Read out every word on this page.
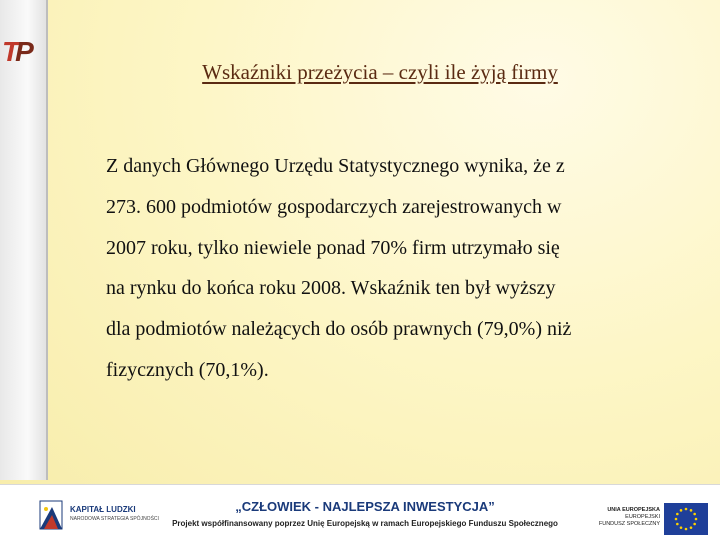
TP
Wskaźniki przeżycia – czyli ile żyją firmy
Z danych Głównego Urzędu Statystycznego wynika, że z
273. 600 podmiotów gospodarczych zarejestrowanych w
2007 roku, tylko niewiele ponad 70% firm utrzymało się
na rynku do końca roku 2008. Wskaźnik ten był wyższy
dla podmiotów należących do osób prawnych (79,0%) niż
fizycznych (70,1%).
KAPITAŁ LUDZKI
NARODOWA STRATEGIA SPÓJNOŚCI
„CZŁOWIEK - NAJLEPSZA INWESTYCJA”
Projekt współfinansowany poprzez Unię Europejską w ramach Europejskiego Funduszu Społecznego
UNIA EUROPEJSKA
EUROPEJSKI
FUNDUSZ SPOŁECZNY
